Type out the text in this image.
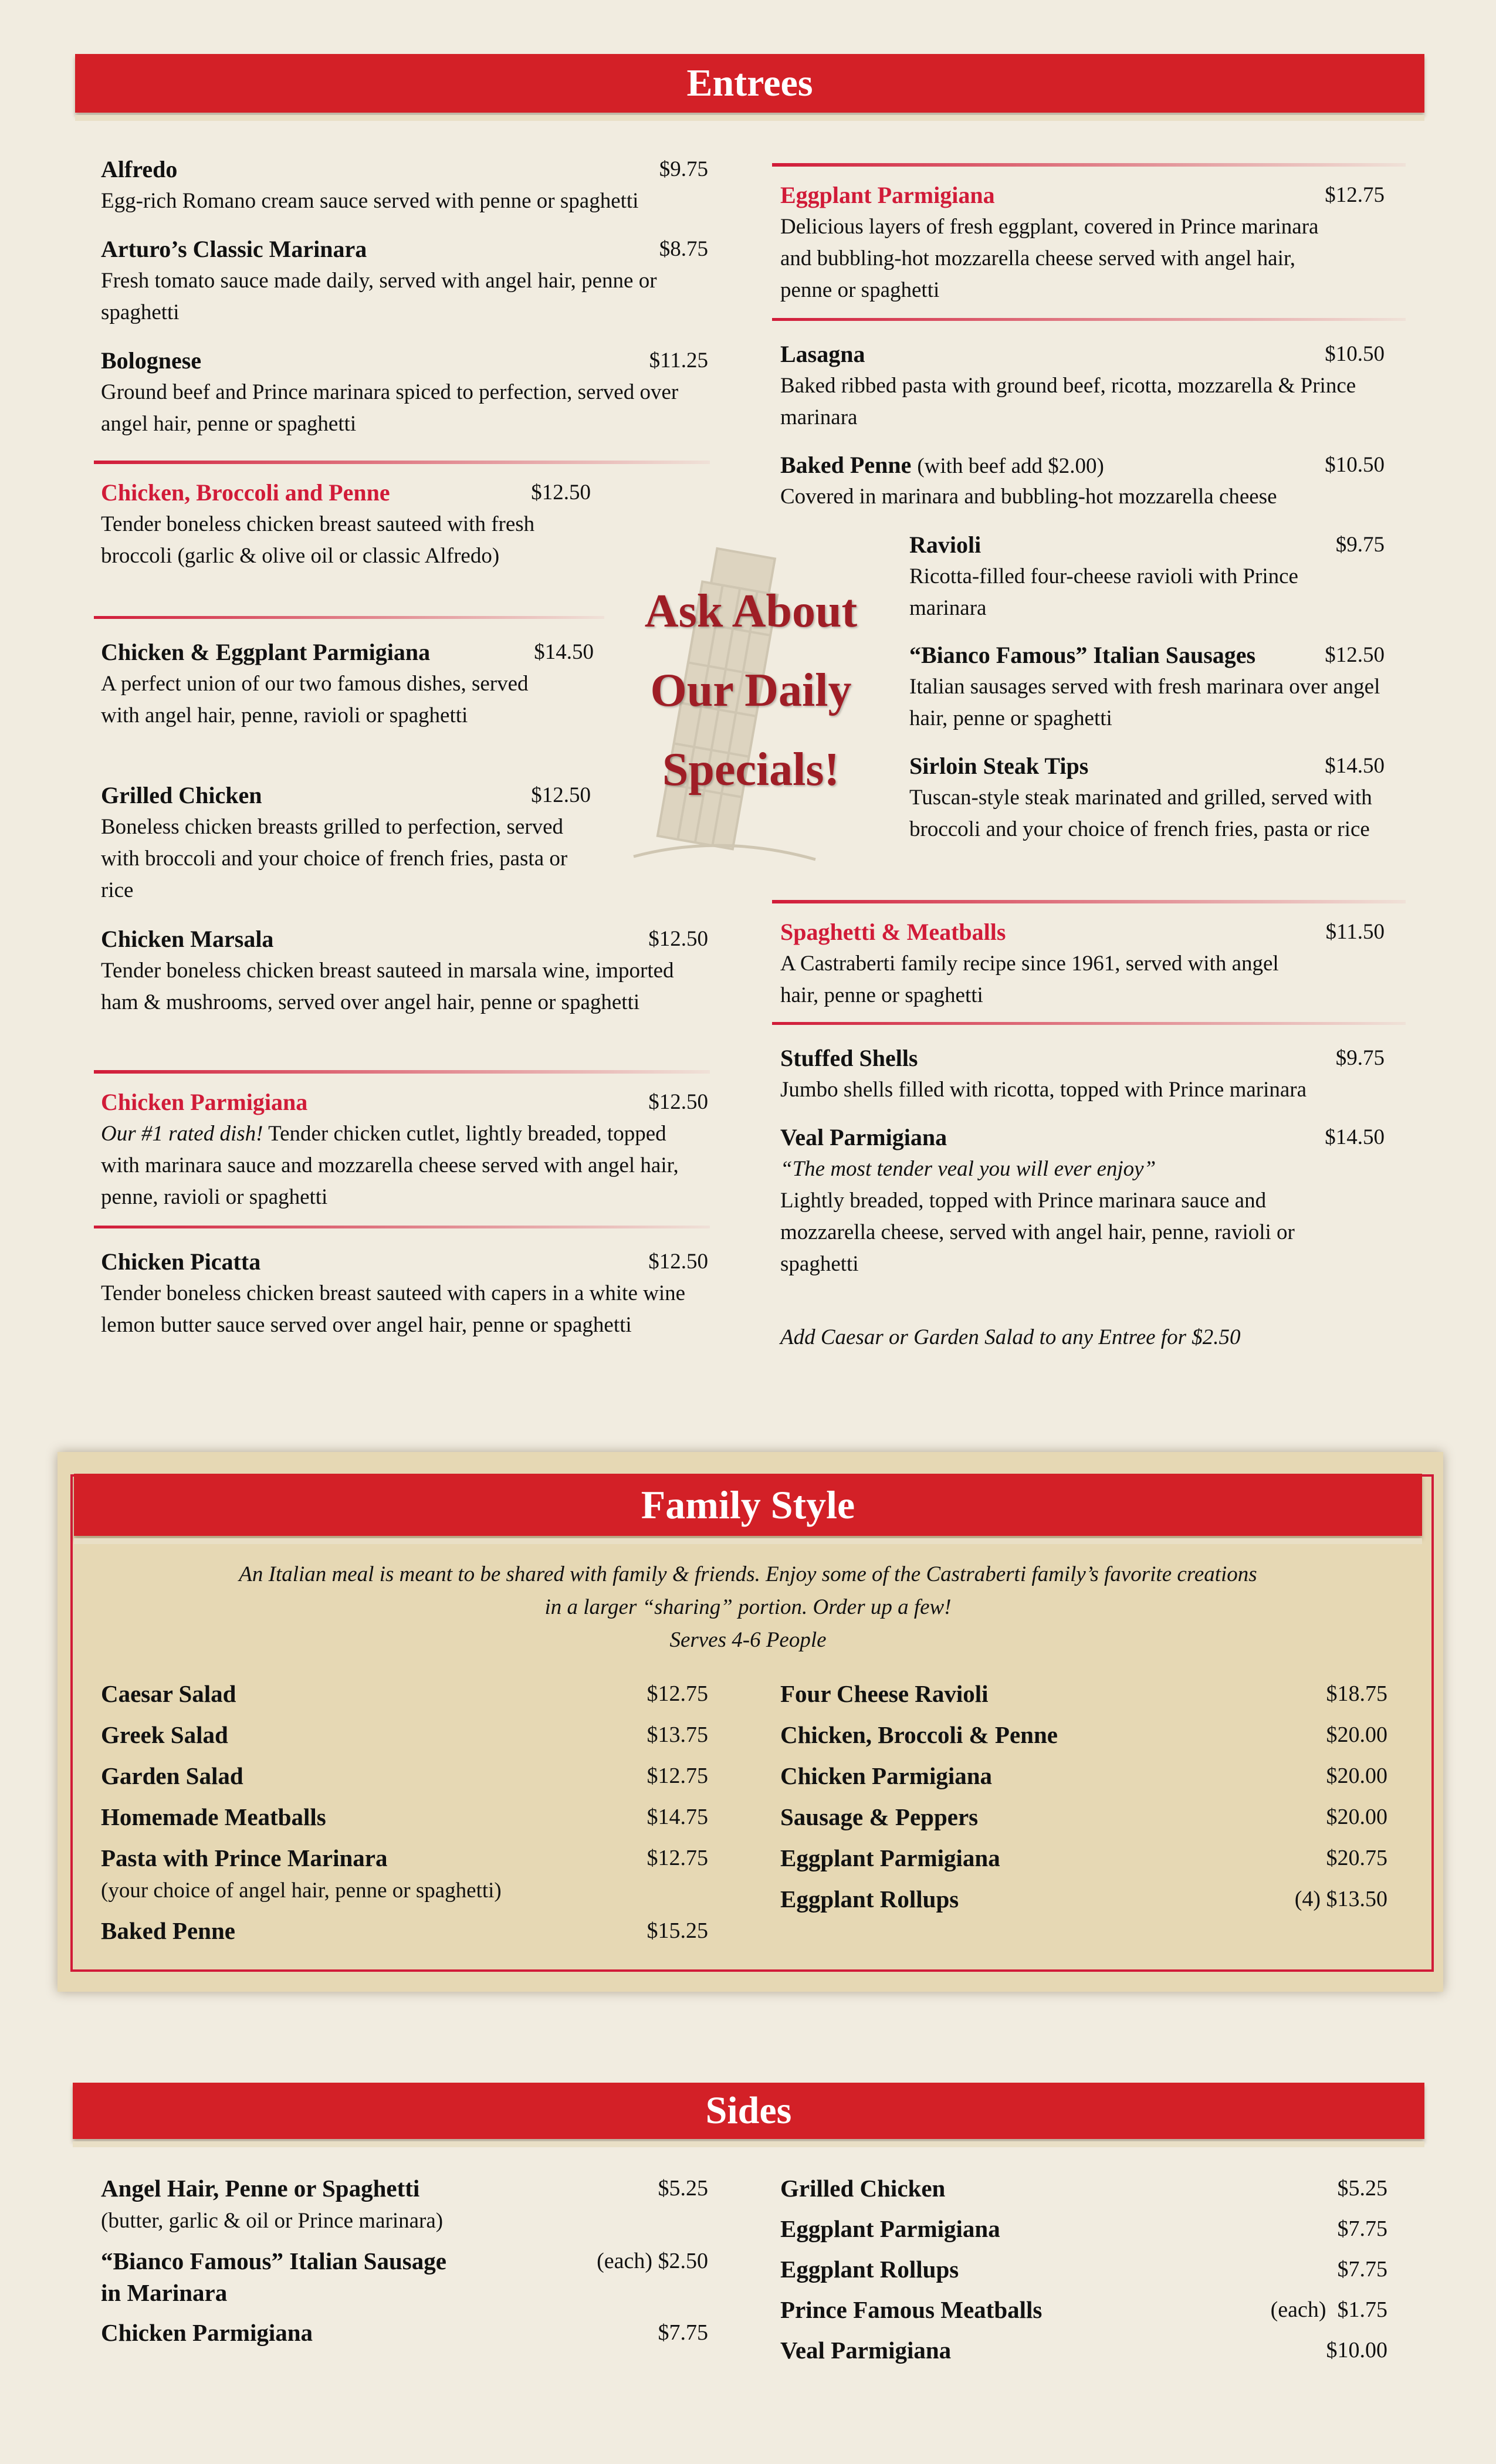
Entrees
Alfredo	$9.75
Egg-rich Romano cream sauce served with penne or spaghetti
Arturo’s Classic Marinara	$8.75
Fresh tomato sauce made daily, served with angel hair, penne or spaghetti
Bolognese	$11.25
Ground beef and Prince marinara spiced to perfection, served over angel hair, penne or spaghetti
Chicken, Broccoli and Penne	$12.50
Tender boneless chicken breast sauteed with fresh broccoli (garlic & olive oil or classic Alfredo)
Chicken & Eggplant Parmigiana	$14.50
A perfect union of our two famous dishes, served with angel hair, penne, ravioli or spaghetti
Grilled Chicken	$12.50
Boneless chicken breasts grilled to perfection, served with broccoli and your choice of french fries, pasta or rice
Chicken Marsala	$12.50
Tender boneless chicken breast sauteed in marsala wine, imported ham & mushrooms, served over angel hair, penne or spaghetti
Chicken Parmigiana	$12.50
Our #1 rated dish! Tender chicken cutlet, lightly breaded, topped with marinara sauce and mozzarella cheese served with angel hair, penne, ravioli or spaghetti
Chicken Picatta	$12.50
Tender boneless chicken breast sauteed with capers in a white wine lemon butter sauce served over angel hair, penne or spaghetti
Ask About
Our Daily
Specials!
Eggplant Parmigiana	$12.75
Delicious layers of fresh eggplant, covered in Prince marinara and bubbling-hot mozzarella cheese served with angel hair, penne or spaghetti
Lasagna	$10.50
Baked ribbed pasta with ground beef, ricotta, mozzarella & Prince marinara
Baked Penne (with beef add $2.00)	$10.50
Covered in marinara and bubbling-hot mozzarella cheese
Ravioli	$9.75
Ricotta-filled four-cheese ravioli with Prince marinara
“Bianco Famous” Italian Sausages	$12.50
Italian sausages served with fresh marinara over angel hair, penne or spaghetti
Sirloin Steak Tips	$14.50
Tuscan-style steak marinated and grilled, served with broccoli and your choice of french fries, pasta or rice
Spaghetti & Meatballs	$11.50
A Castraberti family recipe since 1961, served with angel hair, penne or spaghetti
Stuffed Shells	$9.75
Jumbo shells filled with ricotta, topped with Prince marinara
Veal Parmigiana	$14.50
“The most tender veal you will ever enjoy”
Lightly breaded, topped with Prince marinara sauce and mozzarella cheese, served with angel hair, penne, ravioli or spaghetti
Add Caesar or Garden Salad to any Entree for $2.50
Family Style
An Italian meal is meant to be shared with family & friends. Enjoy some of the Castraberti family’s favorite creations
in a larger “sharing” portion. Order up a few!
Serves 4-6 People
Caesar Salad	$12.75
Greek Salad	$13.75
Garden Salad	$12.75
Homemade Meatballs	$14.75
Pasta with Prince Marinara	$12.75
(your choice of angel hair, penne or spaghetti)
Baked Penne	$15.25
Four Cheese Ravioli	$18.75
Chicken, Broccoli & Penne	$20.00
Chicken Parmigiana	$20.00
Sausage & Peppers	$20.00
Eggplant Parmigiana	$20.75
Eggplant Rollups	(4) $13.50
Sides
Angel Hair, Penne or Spaghetti	$5.25
(butter, garlic & oil or Prince marinara)
“Bianco Famous” Italian Sausage	(each) $2.50
in Marinara
Chicken Parmigiana	$7.75
Grilled Chicken	$5.25
Eggplant Parmigiana	$7.75
Eggplant Rollups	$7.75
Prince Famous Meatballs	(each)  $1.75
Veal Parmigiana	$10.00
